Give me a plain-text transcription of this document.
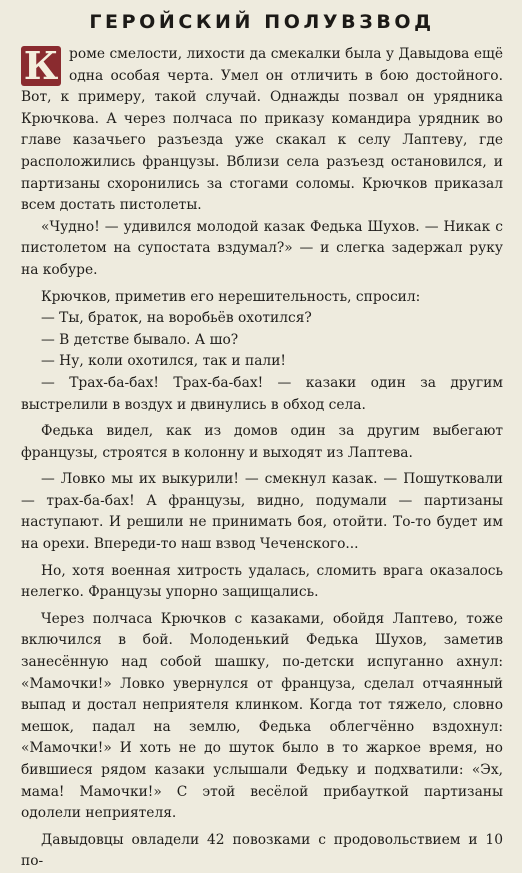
ГЕРОЙСКИЙ ПОЛУВЗВОД

К роме смелости, лихости да смекалки была у Давыдова ещё одна особая черта. Умел он отличить в бою достойного. Вот, к примеру, такой случай. Однажды позвал он урядника Крючкова. А через полчаса по приказу командира урядник во главе казачьего разъезда уже скакал к селу Лаптеву, где расположились французы. Вблизи села разъезд остановился, и партизаны схоронились за стогами соломы. Крючков приказал всем достать пистолеты.

«Чудно! — удивился молодой казак Федька Шухов. — Никак с пистолетом на супостата вздумал?» — и слегка задержал руку на кобуре.

Крючков, приметив его нерешительность, спросил:

— Ты, браток, на воробьёв охотился?

— В детстве бывало. А шо?

— Ну, коли охотился, так и пали!

— Трах-ба-бах! Трах-ба-бах! — казаки один за другим выстрелили в воздух и двинулись в обход села.

Федька видел, как из домов один за другим выбегают французы, строятся в колонну и выходят из Лаптева.

— Ловко мы их выкурили! — смекнул казак. — Пошутковали — трах-ба-бах! А французы, видно, подумали — партизаны наступают. И решили не принимать боя, отойти. То-то будет им на орехи. Впереди-то наш взвод Чеченского...

Но, хотя военная хитрость удалась, сломить врага оказалось нелегко. Французы упорно защищались.

Через полчаса Крючков с казаками, обойдя Лаптево, тоже включился в бой. Молоденький Федька Шухов, заметив занесённую над собой шашку, по-детски испуганно ахнул: «Мамочки!» Ловко увернулся от француза, сделал отчаянный выпад и достал неприятеля клинком. Когда тот тяжело, словно мешок, падал на землю, Федька облегчённо вздохнул: «Мамочки!» И хоть не до шуток было в то жаркое время, но бившиеся рядом казаки услышали Федьку и подхватили: «Эх, мама! Мамочки!» С этой весёлой прибауткой партизаны одолели неприятеля.

Давыдовцы овладели 42 повозками с продовольствием и 10 по-
